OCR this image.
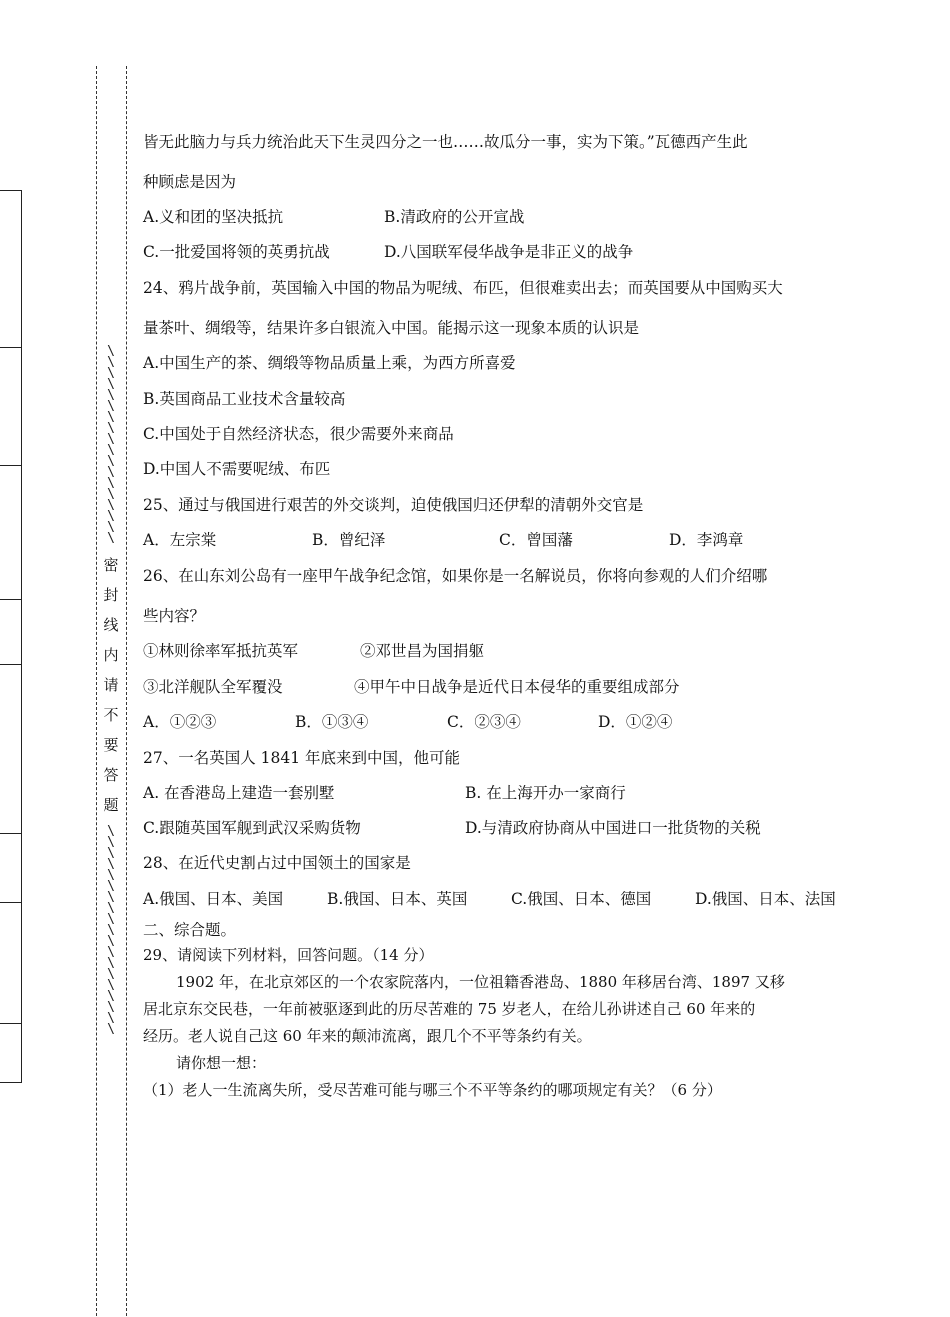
\
\
\
\
\
\
\
\
\
\
\
\
\
\
\
\
\
\
密
封
线
内
请
不
要
答
题
\
\
\
\
\
\
\
\
\
\
\
\
\
\
\
\
\
\
\
皆无此脑力与兵力统治此天下生灵四分之一也……故瓜分一事，实为下策。”瓦德西产生此
种顾虑是因为
A.义和团的坚决抵抗	B.清政府的公开宣战
C.一批爱国将领的英勇抗战	D.八国联军侵华战争是非正义的战争
24、鸦片战争前，英国输入中国的物品为呢绒、布匹，但很难卖出去；而英国要从中国购买大
量茶叶、绸缎等，结果许多白银流入中国。能揭示这一现象本质的认识是
A.中国生产的茶、绸缎等物品质量上乘，为西方所喜爱
B.英国商品工业技术含量较高
C.中国处于自然经济状态，很少需要外来商品
D.中国人不需要呢绒、布匹
25、通过与俄国进行艰苦的外交谈判，迫使俄国归还伊犁的清朝外交官是
A．左宗棠	B．曾纪泽	C．曾国藩	D．李鸿章
26、在山东刘公岛有一座甲午战争纪念馆，如果你是一名解说员，你将向参观的人们介绍哪
些内容？
①林则徐率军抵抗英军	②邓世昌为国捐躯
③北洋舰队全军覆没	④甲午中日战争是近代日本侵华的重要组成部分
A．①②③	B．①③④	C．②③④	D．①②④
27、一名英国人 1841 年底来到中国，他可能
A. 在香港岛上建造一套别墅	B. 在上海开办一家商行
C.跟随英国军舰到武汉采购货物	D.与清政府协商从中国进口一批货物的关税
28、在近代史割占过中国领土的国家是
A.俄国、日本、美国	B.俄国、日本、英国	C.俄国、日本、德国	D.俄国、日本、法国
二、综合题。
29、请阅读下列材料，回答问题。（14 分）
1902 年，在北京郊区的一个农家院落内，一位祖籍香港岛、1880 年移居台湾、1897 又移
居北京东交民巷，一年前被驱逐到此的历尽苦难的 75 岁老人，在给儿孙讲述自己 60 年来的
经历。老人说自己这 60 年来的颠沛流离，跟几个不平等条约有关。
请你想一想：
（1）老人一生流离失所，受尽苦难可能与哪三个不平等条约的哪项规定有关？（6 分）
